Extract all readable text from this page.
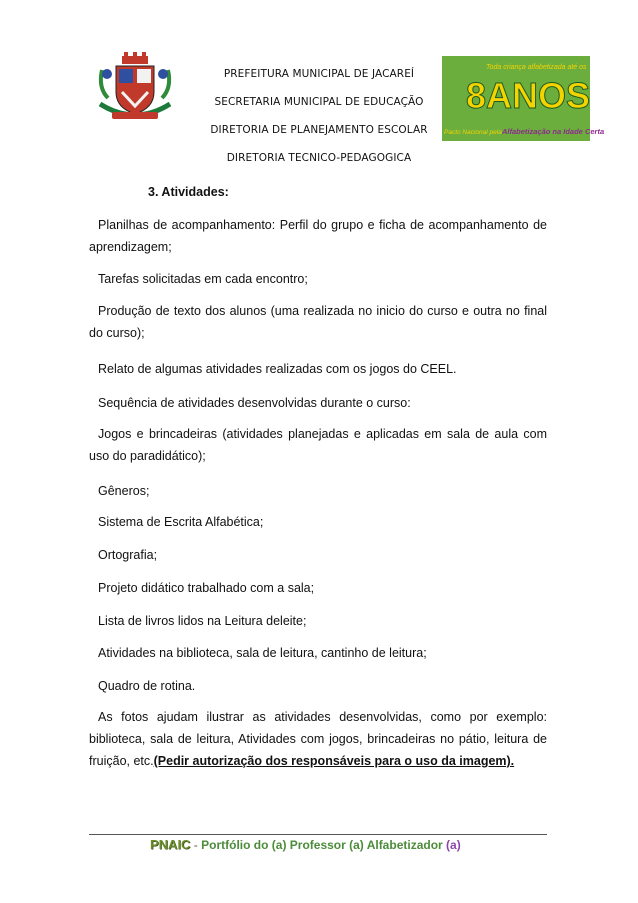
PREFEITURA MUNICIPAL DE JACAREÍ
SECRETARIA MUNICIPAL DE EDUCAÇÃO
DIRETORIA DE PLANEJAMENTO ESCOLAR
DIRETORIA TECNICO-PEDAGOGICA
Toda criança alfabetizada até os
8ANOS
Pacto Nacional pela Alfabetização na Idade Certa
3. Atividades:
Planilhas de acompanhamento: Perfil do grupo e ficha de acompanhamento de aprendizagem;
Tarefas solicitadas em cada encontro;
Produção de texto dos alunos (uma realizada no inicio do curso e outra no final do curso);
Relato de algumas atividades realizadas com os jogos do CEEL.
Sequência de atividades desenvolvidas durante o curso:
Jogos e brincadeiras (atividades planejadas e aplicadas em sala de aula com uso do paradidático);
Gêneros;
Sistema de Escrita Alfabética;
Ortografia;
Projeto didático trabalhado com a sala;
Lista de livros lidos na Leitura deleite;
Atividades na biblioteca, sala de leitura, cantinho de leitura;
Quadro de rotina.
As fotos ajudam ilustrar as atividades desenvolvidas, como por exemplo: biblioteca, sala de leitura, Atividades com jogos, brincadeiras no pátio, leitura de fruição, etc.(Pedir autorização dos responsáveis para o uso da imagem).
PNAIC - Portfólio do (a) Professor (a) Alfabetizador (a)
